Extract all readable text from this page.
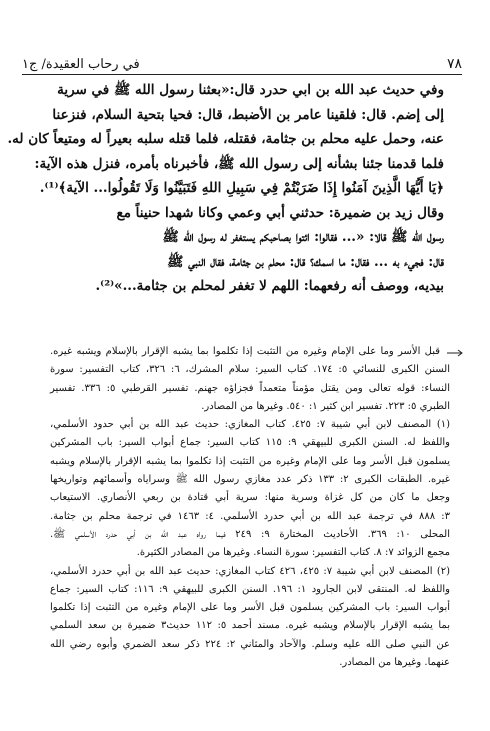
٧٨
في رحاب العقيدة/ ج١

وفي حديث عبد الله بن ابي حدرد قال:«بعثنا رسول الله ﷺ في سرية

إلى إضم. قال: فلقينا عامر بن الأضبط، قال: فحيا بتحية السلام، فنزعنا

عنه، وحمل عليه محلم بن جثامة، فقتله، فلما قتله سلبه بعيراً له ومتيعاً كان له.

فلما قدمنا جئنا بشأنه إلى رسول الله ﷺ، فأخبرناه بأمره، فنزل هذه الآية:

﴿يَا أَيُّهَا الَّذِينَ آمَنُوا إِذَا ضَرَبْتُمْ فِي سَبِيلِ اللهِ فَتَبَيَّنُوا وَلَا تَقُولُوا... الآية﴾⁽¹⁾.

وقال زيد بن ضميرة: حدثني أبي وعمي وكانا شهدا حنيناً مع

رسول الله ﷺ قالا: «... فقالوا: ائتوا بصاحبكم يستغفر له رسول الله ﷺ

قال: فجيء به ... فقال: ما اسمك؟ قال: محلم بن جثامة، فقال النبي ﷺ

بيديه، ووصف أنه رفعهما: اللهم لا تغفر لمحلم بن جثامة...»⁽²⁾.

قبل الأسر وما على الإمام وغيره من التثبت إذا تكلموا بما يشبه الإقرار بالإسلام ويشبه غيره.
السنن الكبرى للنسائي ٥: ١٧٤. كتاب السير: سلام المشرك، ٦: ٣٢٦، كتاب التفسير: سورة
النساء: قوله تعالى ومن يقتل مؤمناً متعمداً فجزاؤه جهنم. تفسير القرطبي ٥: ٣٣٦. تفسير
الطبري ٥: ٢٢٣. تفسير ابن كثير ١: ٥٤٠. وغيرها من المصادر.
(١) المصنف لابن أبي شيبة ٧: ٤٢٥. كتاب المغازي: حديث عبد الله بن أبي حدود الأسلمي،
واللفظ له. السنن الكبرى للبيهقي ٩: ١١٥ كتاب السير: جماع أبواب السير: باب المشركين
يسلمون قبل الأسر وما على الإمام وغيره من التثبت إذا تكلموا بما يشبه الإقرار بالإسلام ويشبه
غيره. الطبقات الكبرى ٢: ١٣٣ ذكر عدد مغازي رسول الله ﷺ وسراياه وأسمائهم وتواريخها
وجعل ما كان من كل غزاة وسرية منها: سرية أبي قتادة بن ربعي الأنصاري. الاستيعاب
٣: ٨٨٨ في ترجمة عبد الله بن أبي حدرد الأسلمي. ٤: ١٤٦٣ في ترجمة محلم بن جثامة.
المحلى ١٠: ٣٦٩. الأحاديث المختارة ٩: ٢٤٩ فيما رواه عبد الله بن أبي حدرد الأسلمي ﷺ.
مجمع الزوائد ٧: ٨. كتاب التفسير: سورة النساء. وغيرها من المصادر الكثيرة.
(٢) المصنف لابن أبي شيبة ٧: ٤٢٥، ٤٢٦ كتاب المغازي: حديث عبد الله بن أبي حدرد الأسلمي،
واللفظ له. المنتقى لابن الجارود ١: ١٩٦. السنن الكبرى للبيهقي ٩: ١١٦: كتاب السير: جماع
أبواب السير: باب المشركين يسلمون قبل الأسر وما على الإمام وغيره من التثبت إذا تكلموا
بما يشبه الإقرار بالإسلام ويشبه غيره. مسند أحمد ٥: ١١٢ حديث٣ ضميرة بن سعد السلمي
عن النبي صلى الله عليه وسلم. والآحاد والمثاني ٢: ٢٢٤ ذكر سعد الضمري وأبوه رضي الله
عنهما. وغيرها من المصادر.
